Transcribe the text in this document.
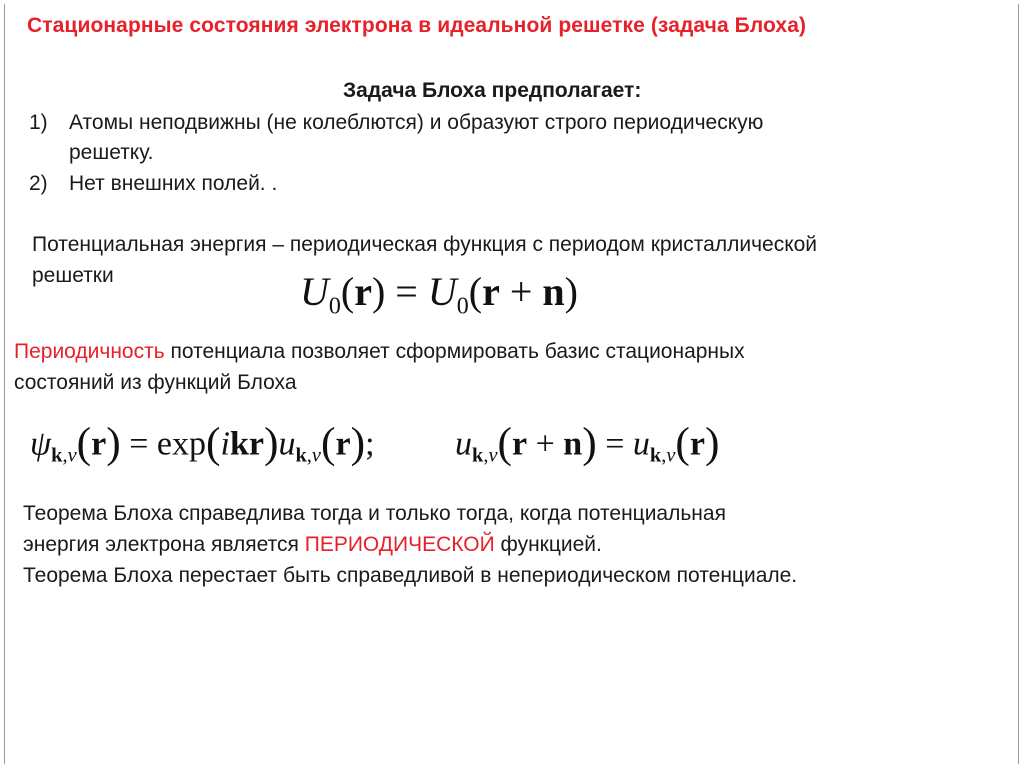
Стационарные состояния электрона в идеальной решетке (задача Блоха)
Задача Блоха предполагает:
1) Атомы неподвижны (не колеблются) и образуют строго периодическую
решетку.
2) Нет внешних полей. .
Потенциальная энергия – периодическая функция с периодом кристаллической
решетки	$U_0(r) = U_0(r + n)$
Периодичность потенциала позволяет сформировать базис стационарных
состояний из функций Блоха
$\psi_{k,\nu}(r) = \exp(ikr)u_{k,\nu}(r)$; $u_{k,\nu}(r + n) = u_{k,\nu}(r)$
Теорема Блоха справедлива тогда и только тогда, когда потенциальная
энергия электрона является ПЕРИОДИЧЕСКОЙ функцией.
Теорема Блоха перестает быть справедливой в непериодическом потенциале.
